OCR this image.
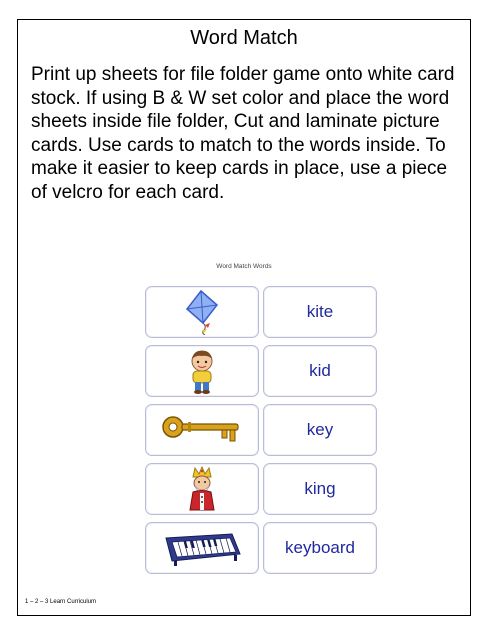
Word Match

Print up sheets for file folder game onto white card stock. If using B & W set color and place the word sheets inside file folder, Cut and laminate picture cards. Use cards to match to the words inside. To make it easier to keep cards in place, use a piece of velcro for each card.

Word Match Words
kite
kid
key
king
keyboard
1 – 2 – 3 Learn Curriculum
